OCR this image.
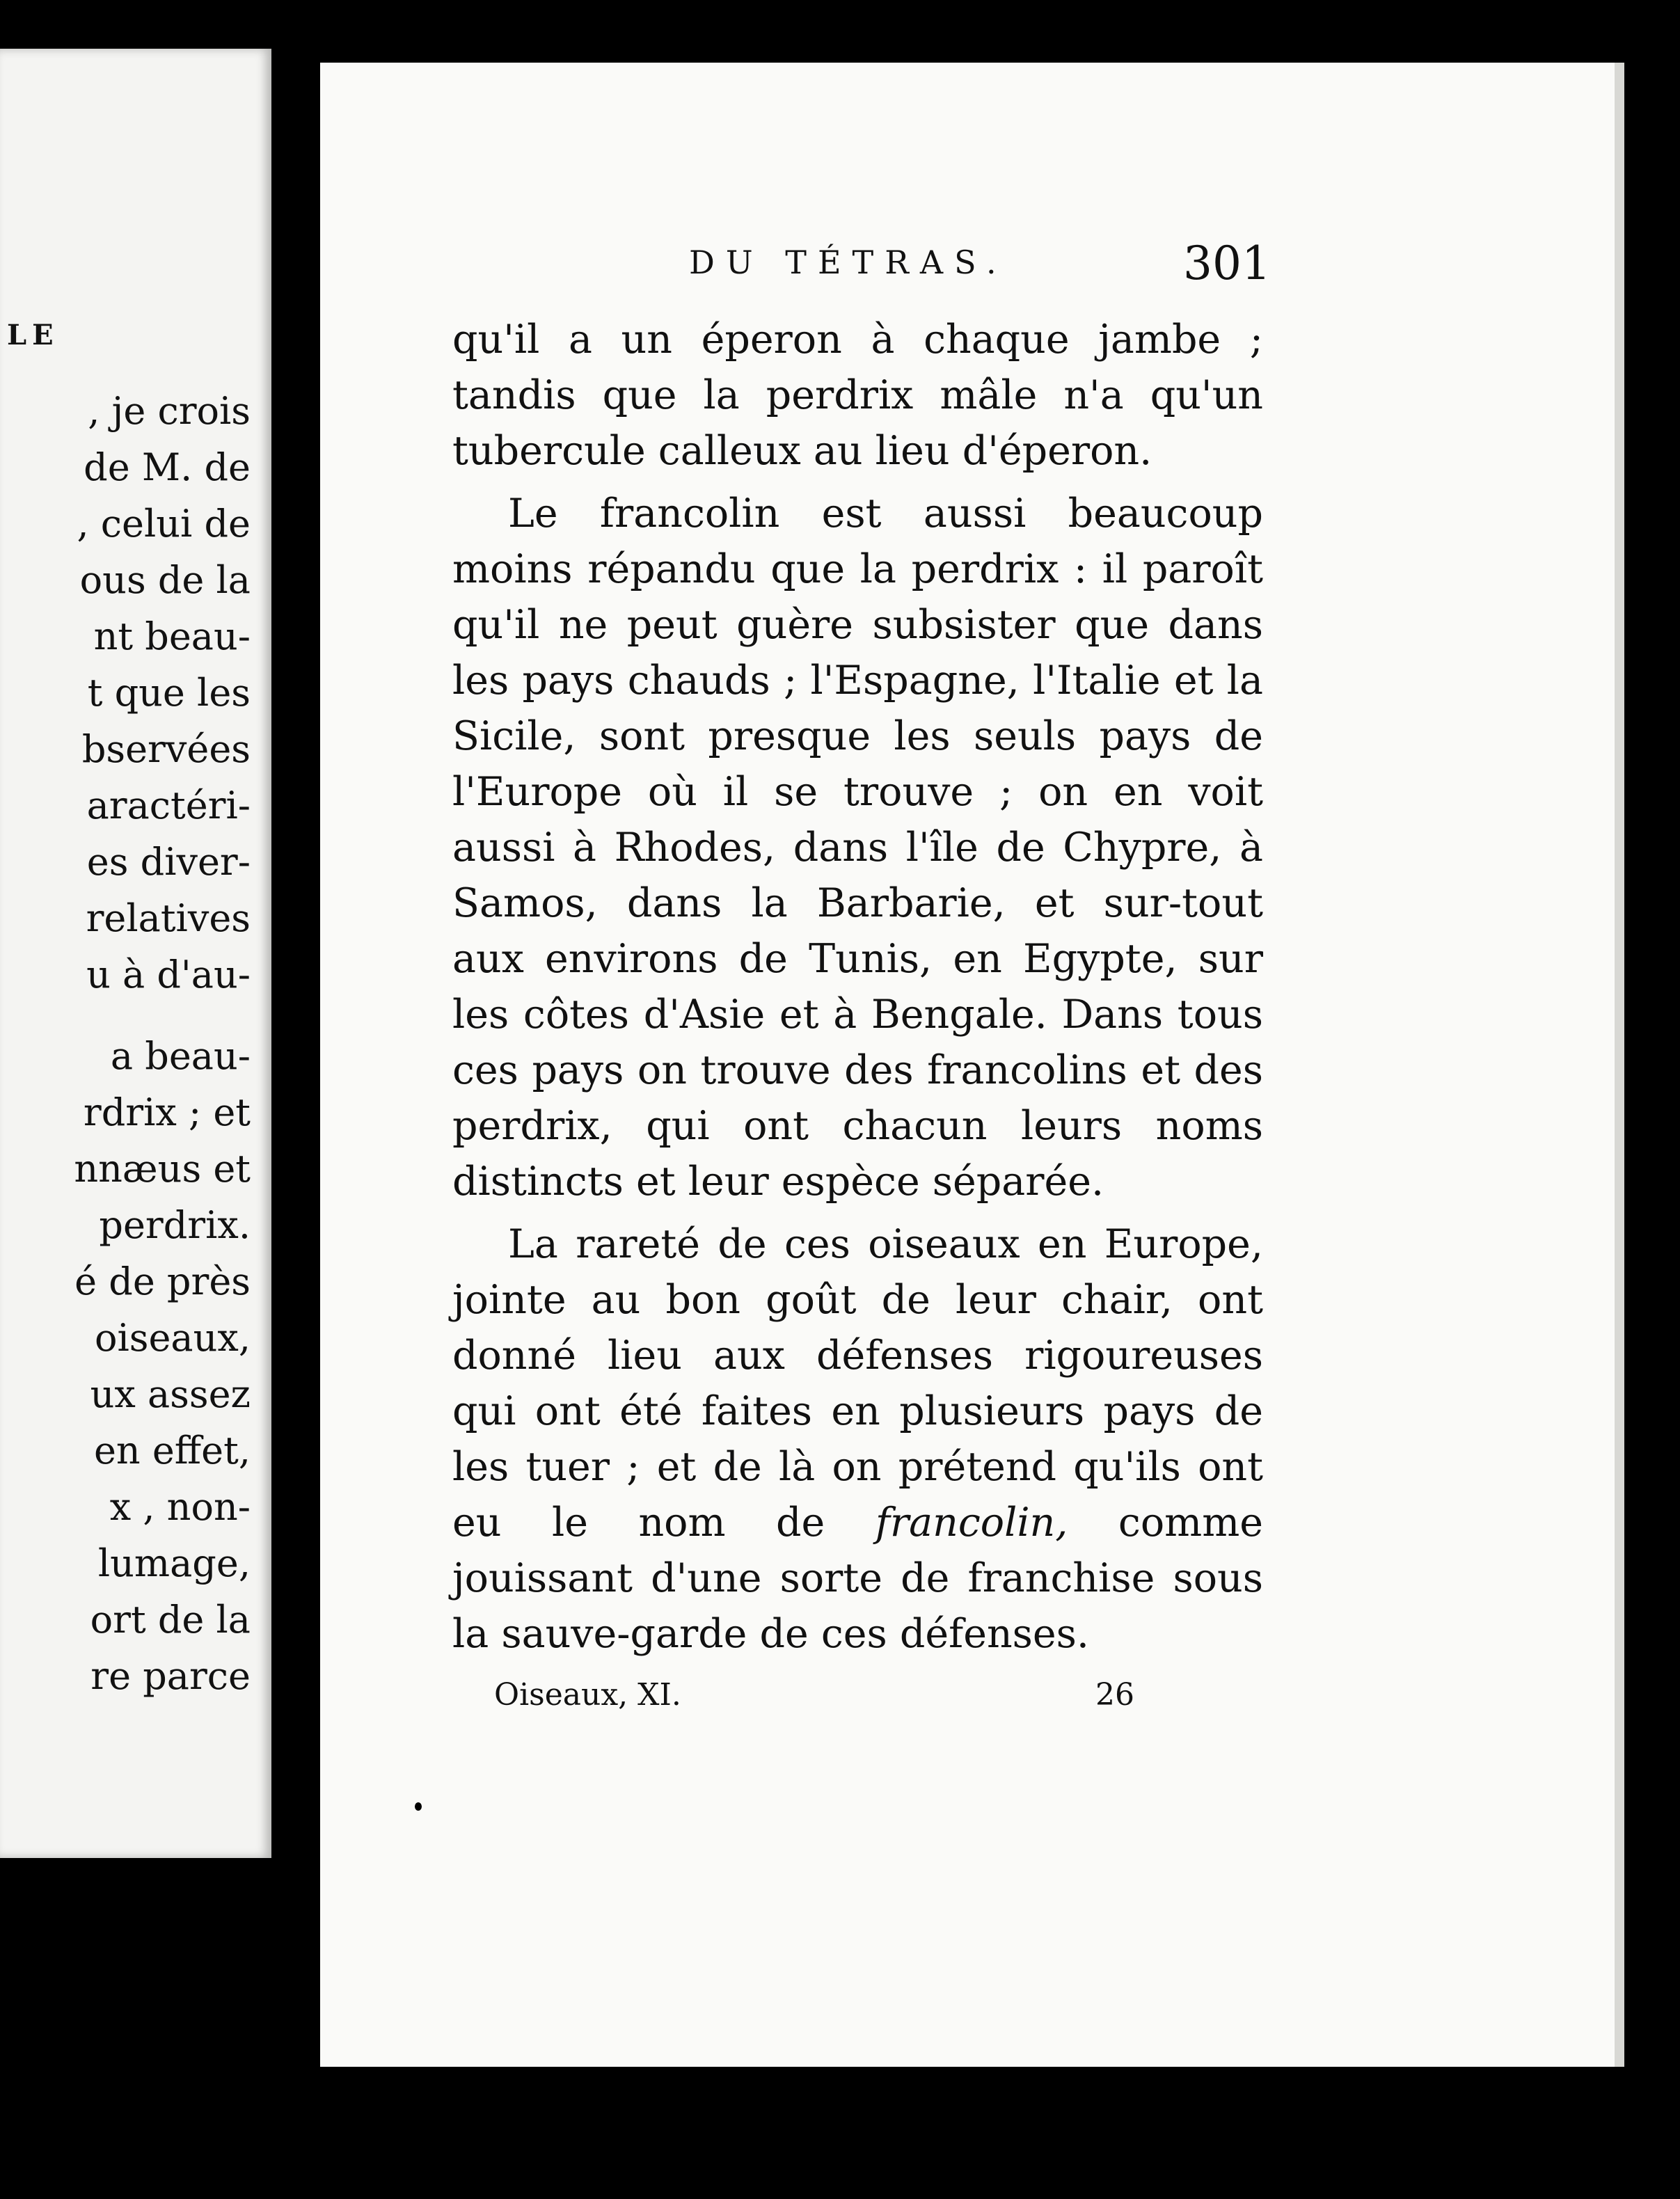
LE
, je crois
de M. de
, celui de
ous de la
nt beau-
t que les
bservées
aractéri-
es diver-
relatives
u à d'au-
a beau-
rdrix ; et
nnæus et
perdrix.
é de près
oiseaux,
ux assez
en effet,
x , non-
lumage,
ort de la
re parce
DU TÉTRAS.	301

qu'il a un éperon à chaque jambe ; tandis que la perdrix mâle n'a qu'un tubercule calleux au lieu d'éperon.

Le francolin est aussi beaucoup moins répandu que la perdrix : il paroît qu'il ne peut guère subsister que dans les pays chauds ; l'Espagne, l'Italie et la Sicile, sont presque les seuls pays de l'Europe où il se trouve ; on en voit aussi à Rhodes, dans l'île de Chypre, à Samos, dans la Barbarie, et sur-tout aux environs de Tunis, en Egypte, sur les côtes d'Asie et à Bengale. Dans tous ces pays on trouve des francolins et des perdrix, qui ont chacun leurs noms distincts et leur espèce séparée.

La rareté de ces oiseaux en Europe, jointe au bon goût de leur chair, ont donné lieu aux défenses rigoureuses qui ont été faites en plusieurs pays de les tuer ; et de là on prétend qu'ils ont eu le nom de francolin, comme jouissant d'une sorte de franchise sous la sauve-garde de ces défenses.

Oiseaux, XI.	26
